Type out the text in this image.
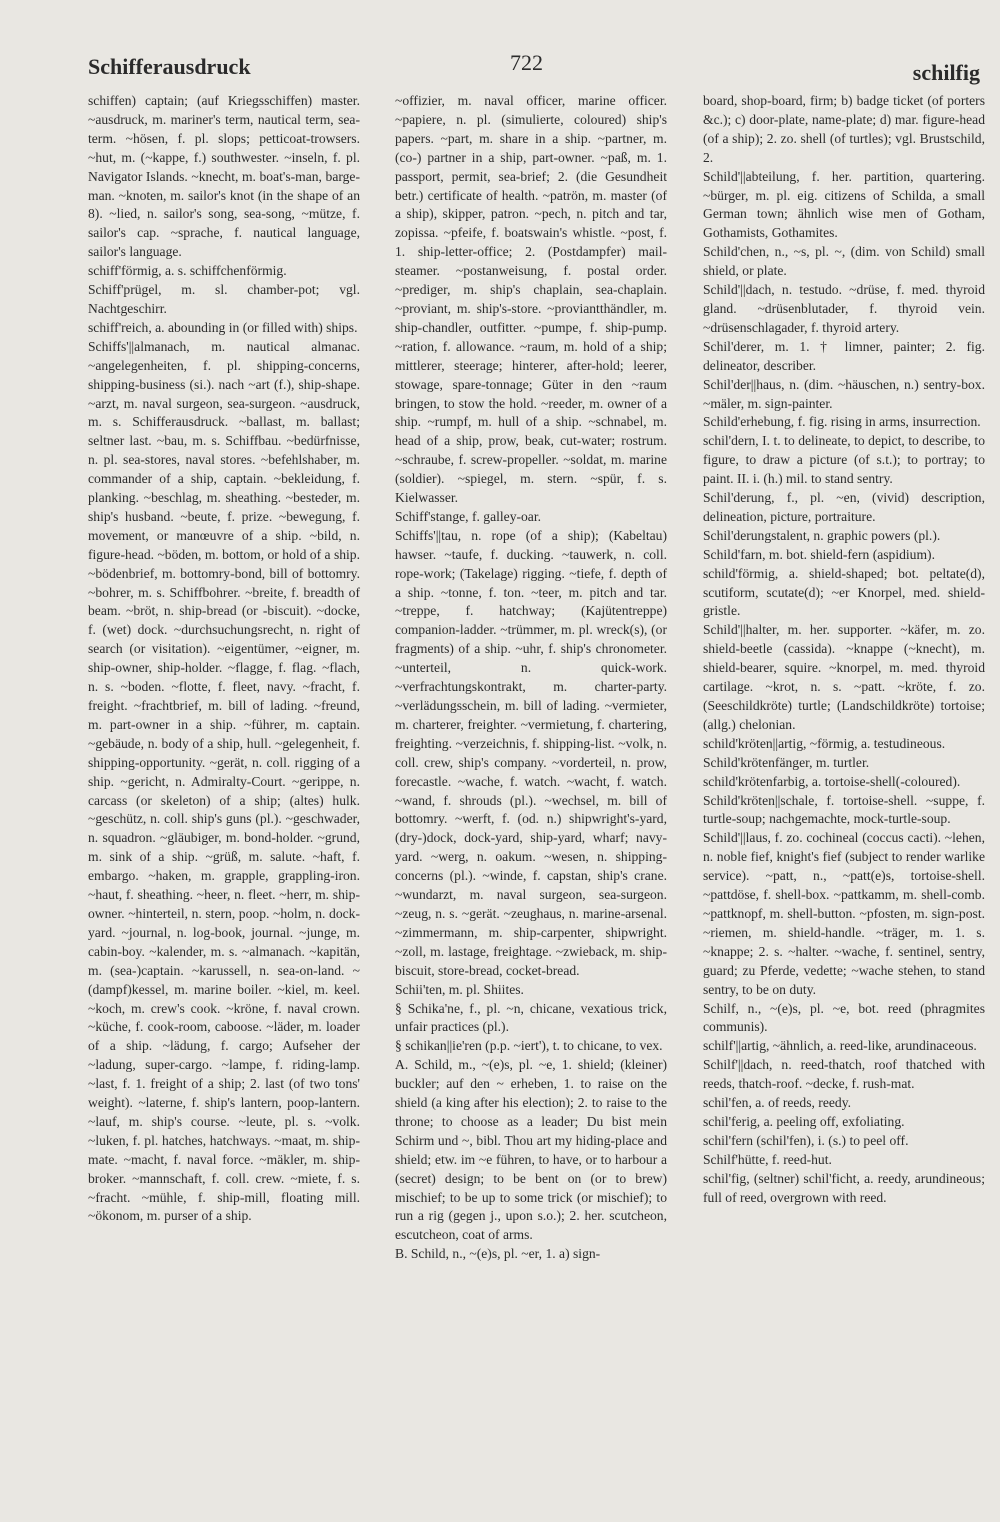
Schifferausdruck	722	schilfig

schiffen) captain; (auf Kriegsschiffen) master. ~ausdruck, m. mariner's term, nautical term, sea-term. ~hösen, f. pl. slops; petticoat-trowsers. ~hut, m. (~kappe, f.) southwester. ~inseln, f. pl. Navigator Islands. ~knecht, m. boat's-man, barge-man. ~knoten, m. sailor's knot (in the shape of an 8). ~lied, n. sailor's song, sea-song, ~mütze, f. sailor's cap. ~sprache, f. nautical language, sailor's language.

schiff'förmig, a. s. schiffchenförmig.

Schiff'prügel, m. sl. chamber-pot; vgl. Nachtgeschirr.

schiff'reich, a. abounding in (or filled with) ships.

Schiffs'||almanach, m. nautical almanac. ~angelegenheiten, f. pl. shipping-concerns, shipping-business (si.). nach ~art (f.), ship-shape. ~arzt, m. naval surgeon, sea-surgeon. ~ausdruck, m. s. Schifferausdruck. ~ballast, m. ballast; seltner last. ~bau, m. s. Schiffbau. ~bedürfnisse, n. pl. sea-stores, naval stores. ~befehlshaber, m. commander of a ship, captain. ~bekleidung, f. planking. ~beschlag, m. sheathing. ~besteder, m. ship's husband. ~beute, f. prize. ~bewegung, f. movement, or manœuvre of a ship. ~bild, n. figure-head. ~böden, m. bottom, or hold of a ship. ~bödenbrief, m. bottomry-bond, bill of bottomry. ~bohrer, m. s. Schiffbohrer. ~breite, f. breadth of beam. ~bröt, n. ship-bread (or -biscuit). ~docke, f. (wet) dock. ~durchsuchungsrecht, n. right of search (or visitation). ~eigentümer, ~eigner, m. ship-owner, ship-holder. ~flagge, f. flag. ~flach, n. s. ~boden. ~flotte, f. fleet, navy. ~fracht, f. freight. ~frachtbrief, m. bill of lading. ~freund, m. part-owner in a ship. ~führer, m. captain. ~gebäude, n. body of a ship, hull. ~gelegenheit, f. shipping-opportunity. ~gerät, n. coll. rigging of a ship. ~gericht, n. Admiralty-Court. ~gerippe, n. carcass (or skeleton) of a ship; (altes) hulk. ~geschütz, n. coll. ship's guns (pl.). ~geschwader, n. squadron. ~gläubiger, m. bond-holder. ~grund, m. sink of a ship. ~grüß, m. salute. ~haft, f. embargo. ~haken, m. grapple, grappling-iron. ~haut, f. sheathing. ~heer, n. fleet. ~herr, m. ship-owner. ~hinterteil, n. stern, poop. ~holm, n. dock-yard. ~journal, n. log-book, journal. ~junge, m. cabin-boy. ~kalender, m. s. ~almanach. ~kapitän, m. (sea-)captain. ~karussell, n. sea-on-land. ~(dampf)kessel, m. marine boiler. ~kiel, m. keel. ~koch, m. crew's cook. ~kröne, f. naval crown. ~küche, f. cook-room, caboose. ~läder, m. loader of a ship. ~lädung, f. cargo; Aufseher der ~ladung, super-cargo. ~lampe, f. riding-lamp. ~last, f. 1. freight of a ship; 2. last (of two tons' weight). ~laterne, f. ship's lantern, poop-lantern. ~lauf, m. ship's course. ~leute, pl. s. ~volk. ~luken, f. pl. hatches, hatchways. ~maat, m. ship-mate. ~macht, f. naval force. ~mäkler, m. ship-broker. ~mannschaft, f. coll. crew. ~miete, f. s. ~fracht. ~mühle, f. ship-mill, floating mill. ~ökonom, m. purser of a ship.

~offizier, m. naval officer, marine officer. ~papiere, n. pl. (simulierte, coloured) ship's papers. ~part, m. share in a ship. ~partner, m. (co-) partner in a ship, part-owner. ~paß, m. 1. passport, permit, sea-brief; 2. (die Gesundheit betr.) certificate of health. ~patrön, m. master (of a ship), skipper, patron. ~pech, n. pitch and tar, zopissa. ~pfeife, f. boatswain's whistle. ~post, f. 1. ship-letter-office; 2. (Postdampfer) mail-steamer. ~postanweisung, f. postal order. ~prediger, m. ship's chaplain, sea-chaplain. ~proviant, m. ship's-store. ~proviantthändler, m. ship-chandler, outfitter. ~pumpe, f. ship-pump. ~ration, f. allowance. ~raum, m. hold of a ship; mittlerer, steerage; hinterer, after-hold; leerer, stowage, spare-tonnage; Güter in den ~raum bringen, to stow the hold. ~reeder, m. owner of a ship. ~rumpf, m. hull of a ship. ~schnabel, m. head of a ship, prow, beak, cut-water; rostrum. ~schraube, f. screw-propeller. ~soldat, m. marine (soldier). ~spiegel, m. stern. ~spür, f. s. Kielwasser.

Schiff'stange, f. galley-oar.

Schiffs'||tau, n. rope (of a ship); (Kabeltau) hawser. ~taufe, f. ducking. ~tauwerk, n. coll. rope-work; (Takelage) rigging. ~tiefe, f. depth of a ship. ~tonne, f. ton. ~teer, m. pitch and tar. ~treppe, f. hatchway; (Kajütentreppe) companion-ladder. ~trümmer, m. pl. wreck(s), (or fragments) of a ship. ~uhr, f. ship's chronometer. ~unterteil, n. quick-work. ~verfrachtungskontrakt, m. charter-party. ~verlädungsschein, m. bill of lading. ~vermieter, m. charterer, freighter. ~vermietung, f. chartering, freighting. ~verzeichnis, f. shipping-list. ~volk, n. coll. crew, ship's company. ~vorderteil, n. prow, forecastle. ~wache, f. watch. ~wacht, f. watch. ~wand, f. shrouds (pl.). ~wechsel, m. bill of bottomry. ~werft, f. (od. n.) shipwright's-yard, (dry-)dock, dock-yard, ship-yard, wharf; navy-yard. ~werg, n. oakum. ~wesen, n. shipping-concerns (pl.). ~winde, f. capstan, ship's crane. ~wundarzt, m. naval surgeon, sea-surgeon. ~zeug, n. s. ~gerät. ~zeughaus, n. marine-arsenal. ~zimmermann, m. ship-carpenter, shipwright. ~zoll, m. lastage, freightage. ~zwieback, m. ship-biscuit, store-bread, cocket-bread.

Schii'ten, m. pl. Shiites.

§ Schika'ne, f., pl. ~n, chicane, vexatious trick, unfair practices (pl.).

§ schikan||ie'ren (p.p. ~iert'), t. to chicane, to vex.

A. Schild, m., ~(e)s, pl. ~e, 1. shield; (kleiner) buckler; auf den ~ erheben, 1. to raise on the shield (a king after his election); 2. to raise to the throne; to choose as a leader; Du bist mein Schirm und ~, bibl. Thou art my hiding-place and shield; etw. im ~e führen, to have, or to harbour a (secret) design; to be bent on (or to brew) mischief; to be up to some trick (or mischief); to run a rig (gegen j., upon s.o.); 2. her. scutcheon, escutcheon, coat of arms.

B. Schild, n., ~(e)s, pl. ~er, 1. a) sign-

board, shop-board, firm; b) badge ticket (of porters &c.); c) door-plate, name-plate; d) mar. figure-head (of a ship); 2. zo. shell (of turtles); vgl. Brustschild, 2.

Schild'||abteilung, f. her. partition, quartering. ~bürger, m. pl. eig. citizens of Schilda, a small German town; ähnlich wise men of Gotham, Gothamists, Gothamites.

Schild'chen, n., ~s, pl. ~, (dim. von Schild) small shield, or plate.

Schild'||dach, n. testudo. ~drüse, f. med. thyroid gland. ~drüsenblutader, f. thyroid vein. ~drüsenschlagader, f. thyroid artery.

Schil'derer, m. 1. † limner, painter; 2. fig. delineator, describer.

Schil'der||haus, n. (dim. ~häuschen, n.) sentry-box. ~mäler, m. sign-painter.

Schild'erhebung, f. fig. rising in arms, insurrection.

schil'dern, I. t. to delineate, to depict, to describe, to figure, to draw a picture (of s.t.); to portray; to paint. II. i. (h.) mil. to stand sentry.

Schil'derung, f., pl. ~en, (vivid) description, delineation, picture, portraiture.

Schil'derungstalent, n. graphic powers (pl.).

Schild'farn, m. bot. shield-fern (aspidium).

schild'förmig, a. shield-shaped; bot. peltate(d), scutiform, scutate(d); ~er Knorpel, med. shield-gristle.

Schild'||halter, m. her. supporter. ~käfer, m. zo. shield-beetle (cassida). ~knappe (~knecht), m. shield-bearer, squire. ~knorpel, m. med. thyroid cartilage. ~krot, n. s. ~patt. ~kröte, f. zo. (Seeschildkröte) turtle; (Landschildkröte) tortoise; (allg.) chelonian.

schild'kröten||artig, ~förmig, a. testudineous.

Schild'krötenfänger, m. turtler.

schild'krötenfarbig, a. tortoise-shell(-coloured).

Schild'kröten||schale, f. tortoise-shell. ~suppe, f. turtle-soup; nachgemachte, mock-turtle-soup.

Schild'||laus, f. zo. cochineal (coccus cacti). ~lehen, n. noble fief, knight's fief (subject to render warlike service). ~patt, n., ~patt(e)s, tortoise-shell. ~pattdöse, f. shell-box. ~pattkamm, m. shell-comb. ~pattknopf, m. shell-button. ~pfosten, m. sign-post. ~riemen, m. shield-handle. ~träger, m. 1. s. ~knappe; 2. s. ~halter. ~wache, f. sentinel, sentry, guard; zu Pferde, vedette; ~wache stehen, to stand sentry, to be on duty.

Schilf, n., ~(e)s, pl. ~e, bot. reed (phragmites communis).

schilf'||artig, ~ähnlich, a. reed-like, arundinaceous.

Schilf'||dach, n. reed-thatch, roof thatched with reeds, thatch-roof. ~decke, f. rush-mat.

schil'fen, a. of reeds, reedy.

schil'ferig, a. peeling off, exfoliating.

schil'fern (schil'fen), i. (s.) to peel off.

Schilf'hütte, f. reed-hut.

schil'fig, (seltner) schil'ficht, a. reedy, arundineous; full of reed, overgrown with reed.
